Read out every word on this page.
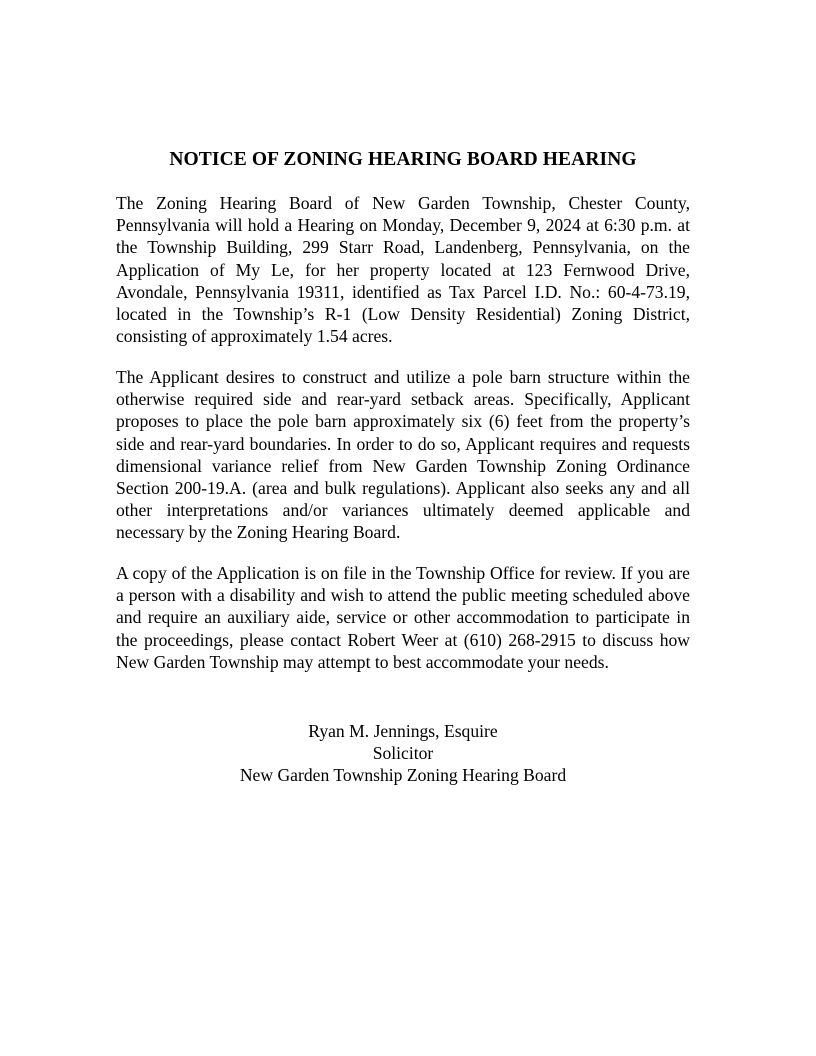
NOTICE OF ZONING HEARING BOARD HEARING

The Zoning Hearing Board of New Garden Township, Chester County, Pennsylvania will hold a Hearing on Monday, December 9, 2024 at 6:30 p.m. at the Township Building, 299 Starr Road, Landenberg, Pennsylvania, on the Application of My Le, for her property located at 123 Fernwood Drive, Avondale, Pennsylvania 19311, identified as Tax Parcel I.D. No.: 60-4-73.19, located in the Township’s R-1 (Low Density Residential) Zoning District, consisting of approximately 1.54 acres.

The Applicant desires to construct and utilize a pole barn structure within the otherwise required side and rear-yard setback areas. Specifically, Applicant proposes to place the pole barn approximately six (6) feet from the property’s side and rear-yard boundaries. In order to do so, Applicant requires and requests dimensional variance relief from New Garden Township Zoning Ordinance Section 200-19.A. (area and bulk regulations). Applicant also seeks any and all other interpretations and/or variances ultimately deemed applicable and necessary by the Zoning Hearing Board.

A copy of the Application is on file in the Township Office for review. If you are a person with a disability and wish to attend the public meeting scheduled above and require an auxiliary aide, service or other accommodation to participate in the proceedings, please contact Robert Weer at (610) 268-2915 to discuss how New Garden Township may attempt to best accommodate your needs.

Ryan M. Jennings, Esquire
Solicitor
New Garden Township Zoning Hearing Board
